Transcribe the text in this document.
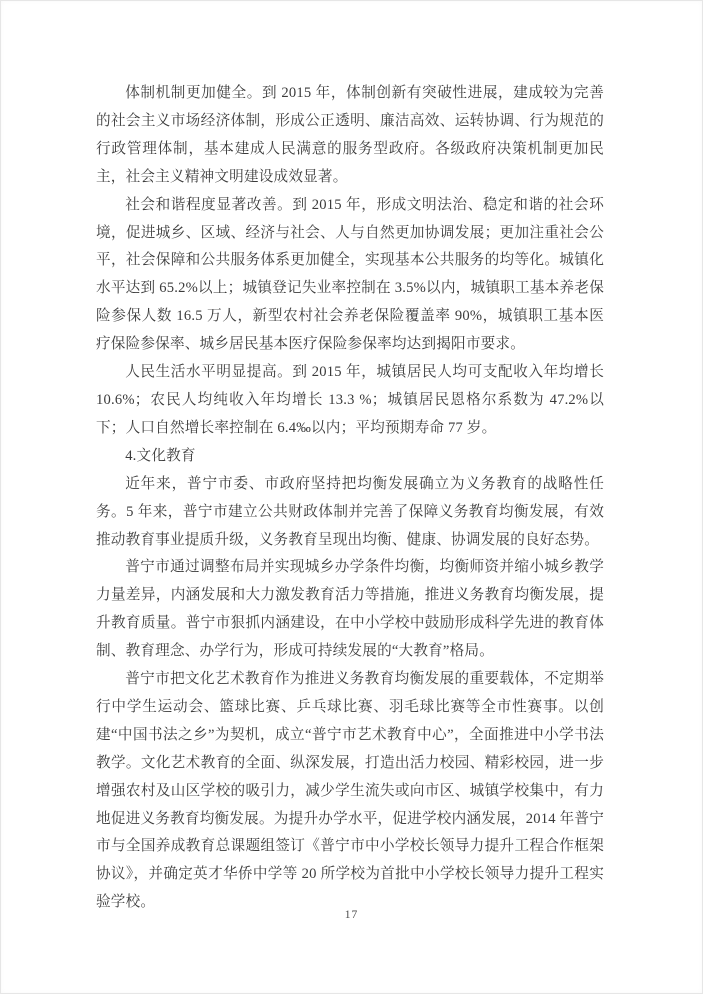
体制机制更加健全。到 2015 年，体制创新有突破性进展，建成较为完善的社会主义市场经济体制，形成公正透明、廉洁高效、运转协调、行为规范的行政管理体制，基本建成人民满意的服务型政府。各级政府决策机制更加民主，社会主义精神文明建设成效显著。

社会和谐程度显著改善。到 2015 年，形成文明法治、稳定和谐的社会环境，促进城乡、区域、经济与社会、人与自然更加协调发展；更加注重社会公平，社会保障和公共服务体系更加健全，实现基本公共服务的均等化。城镇化水平达到 65.2%以上；城镇登记失业率控制在 3.5%以内，城镇职工基本养老保险参保人数 16.5 万人，新型农村社会养老保险覆盖率 90%，城镇职工基本医疗保险参保率、城乡居民基本医疗保险参保率均达到揭阳市要求。

人民生活水平明显提高。到 2015 年，城镇居民人均可支配收入年均增长 10.6%；农民人均纯收入年均增长 13.3 %；城镇居民恩格尔系数为 47.2%以下；人口自然增长率控制在 6.4‰以内；平均预期寿命 77 岁。

4.文化教育

近年来，普宁市委、市政府坚持把均衡发展确立为义务教育的战略性任务。5 年来，普宁市建立公共财政体制并完善了保障义务教育均衡发展，有效推动教育事业提质升级，义务教育呈现出均衡、健康、协调发展的良好态势。

普宁市通过调整布局并实现城乡办学条件均衡，均衡师资并缩小城乡教学力量差异，内涵发展和大力激发教育活力等措施，推进义务教育均衡发展，提升教育质量。普宁市狠抓内涵建设，在中小学校中鼓励形成科学先进的教育体制、教育理念、办学行为，形成可持续发展的“大教育”格局。

普宁市把文化艺术教育作为推进义务教育均衡发展的重要载体，不定期举行中学生运动会、篮球比赛、乒乓球比赛、羽毛球比赛等全市性赛事。以创建“中国书法之乡”为契机，成立“普宁市艺术教育中心”，全面推进中小学书法教学。文化艺术教育的全面、纵深发展，打造出活力校园、精彩校园，进一步增强农村及山区学校的吸引力，减少学生流失或向市区、城镇学校集中，有力地促进义务教育均衡发展。为提升办学水平，促进学校内涵发展，2014 年普宁市与全国养成教育总课题组签订《普宁市中小学校长领导力提升工程合作框架协议》，并确定英才华侨中学等 20 所学校为首批中小学校长领导力提升工程实验学校。

17
